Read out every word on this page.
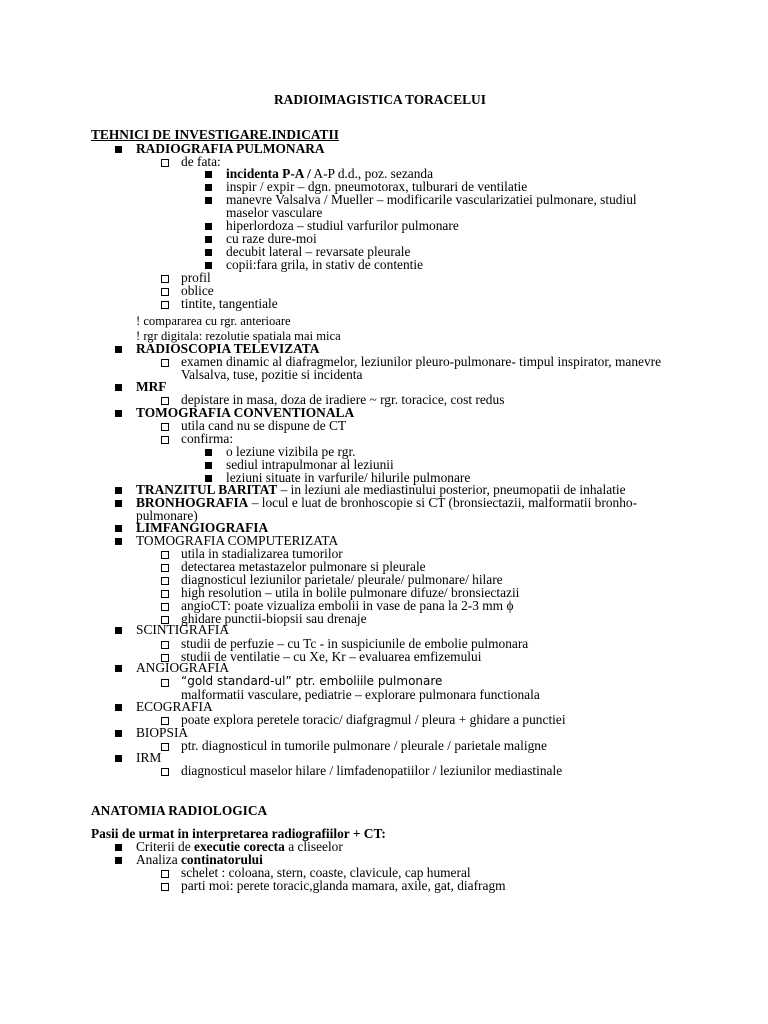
RADIOIMAGISTICA TORACELUI
TEHNICI DE INVESTIGARE.INDICATII
RADIOGRAFIA PULMONARA
de fata:
incidenta P-A / A-P d.d., poz. sezanda
inspir / expir – dgn. pneumotorax, tulburari de ventilatie
manevre Valsalva / Mueller – modificarile vascularizatiei pulmonare, studiul
maselor vasculare
hiperlordoza – studiul varfurilor pulmonare
cu raze dure-moi
decubit lateral – revarsate pleurale
copii:fara grila, in stativ de contentie
profil
oblice
tintite, tangentiale
! compararea cu rgr. anterioare
! rgr digitala: rezolutie spatiala mai mica
RADIOSCOPIA TELEVIZATA
examen dinamic al diafragmelor, leziunilor pleuro-pulmonare- timpul inspirator, manevre
Valsalva, tuse, pozitie si incidenta
MRF
depistare in masa, doza de iradiere ~ rgr. toracice, cost redus
TOMOGRAFIA CONVENTIONALA
utila cand nu se dispune de CT
confirma:
o leziune vizibila pe rgr.
sediul intrapulmonar al leziunii
leziuni situate in varfurile/ hilurile pulmonare
TRANZITUL BARITAT – in leziuni ale mediastinului posterior, pneumopatii de inhalatie
BRONHOGRAFIA – locul e luat de bronhoscopie si CT (bronsiectazii, malformatii bronho-
pulmonare)
LIMFANGIOGRAFIA
TOMOGRAFIA COMPUTERIZATA
utila in stadializarea tumorilor
detectarea metastazelor pulmonare si pleurale
diagnosticul leziunilor parietale/ pleurale/ pulmonare/ hilare
high resolution – utila in bolile pulmonare difuze/ bronsiectazii
angioCT: poate vizualiza embolii in vase de pana la 2-3 mm ϕ
ghidare punctii-biopsii sau drenaje
SCINTIGRAFIA
studii de perfuzie – cu Tc - in suspiciunile de embolie pulmonara
studii de ventilatie – cu Xe, Kr – evaluarea emfizemului
ANGIOGRAFIA
“gold standard-ul” ptr. emboliile pulmonare
malformatii vasculare, pediatrie – explorare pulmonara functionala
ECOGRAFIA
poate explora peretele toracic/ diafgragmul / pleura + ghidare a punctiei
BIOPSIA
ptr. diagnosticul in tumorile pulmonare / pleurale / parietale maligne
IRM
diagnosticul maselor hilare / limfadenopatiilor / leziunilor mediastinale
ANATOMIA RADIOLOGICA
Pasii de urmat in interpretarea radiografiilor + CT:
Criterii de executie corecta a cliseelor
Analiza continatorului
schelet : coloana, stern, coaste, clavicule, cap humeral
parti moi: perete toracic,glanda mamara, axile, gat, diafragm
